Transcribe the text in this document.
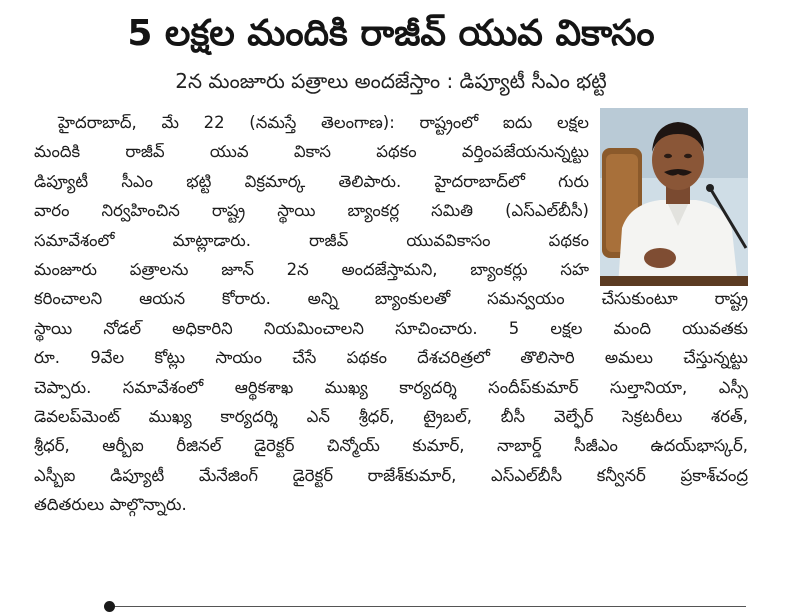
5 లక్షల మందికి రాజీవ్ యువ వికాసం
2న మంజూరు పత్రాలు అందజేస్తాం : డిప్యూటీ సీఎం భట్టి
హైదరాబాద్, మే 22 (నమస్తే తెలంగాణ): రాష్ట్రంలో ఐదు లక్షల
మందికి రాజీవ్ యువ వికాస పథకం వర్తింపజేయనున్నట్టు
డిప్యూటీ సీఎం భట్టి విక్రమార్క తెలిపారు. హైదరాబాద్‌లో గురు
వారం నిర్వహించిన రాష్ట్ర స్థాయి బ్యాంకర్ల సమితి (ఎస్ఎల్‌బీసీ)
సమావేశంలో మాట్లాడారు. రాజీవ్ యువవికాసం పథకం
మంజూరు పత్రాలను జూన్ 2న అందజేస్తామని, బ్యాంకర్లు సహ
కరించాలని ఆయన కోరారు. అన్ని బ్యాంకులతో సమన్వయం చేసుకుంటూ రాష్ట్ర
స్థాయి నోడల్ అధికారిని నియమించాలని సూచించారు. 5 లక్షల మంది యువతకు
రూ. 9వేల కోట్లు సాయం చేసే పథకం దేశచరిత్రలో తొలిసారి అమలు చేస్తున్నట్టు
చెప్పారు. సమావేశంలో ఆర్థికశాఖ ముఖ్య కార్యదర్శి సందీప్‌కుమార్ సుల్తానియా, ఎస్సీ
డెవలప్‌మెంట్ ముఖ్య కార్యదర్శి ఎన్ శ్రీధర్, ట్రైబల్, బీసీ వెల్ఫేర్ సెక్రటరీలు శరత్,
శ్రీధర్, ఆర్బీఐ రీజినల్ డైరెక్టర్ చిన్మోయ్ కుమార్, నాబార్డ్ సీజీఎం ఉదయ్‌భాస్కర్,
ఎస్బీఐ డిప్యూటీ మేనేజింగ్ డైరెక్టర్ రాజేశ్‌కుమార్, ఎస్ఎల్‌బీసీ కన్వీనర్ ప్రకాశ్‌చంద్ర
తదితరులు పాల్గొన్నారు.
